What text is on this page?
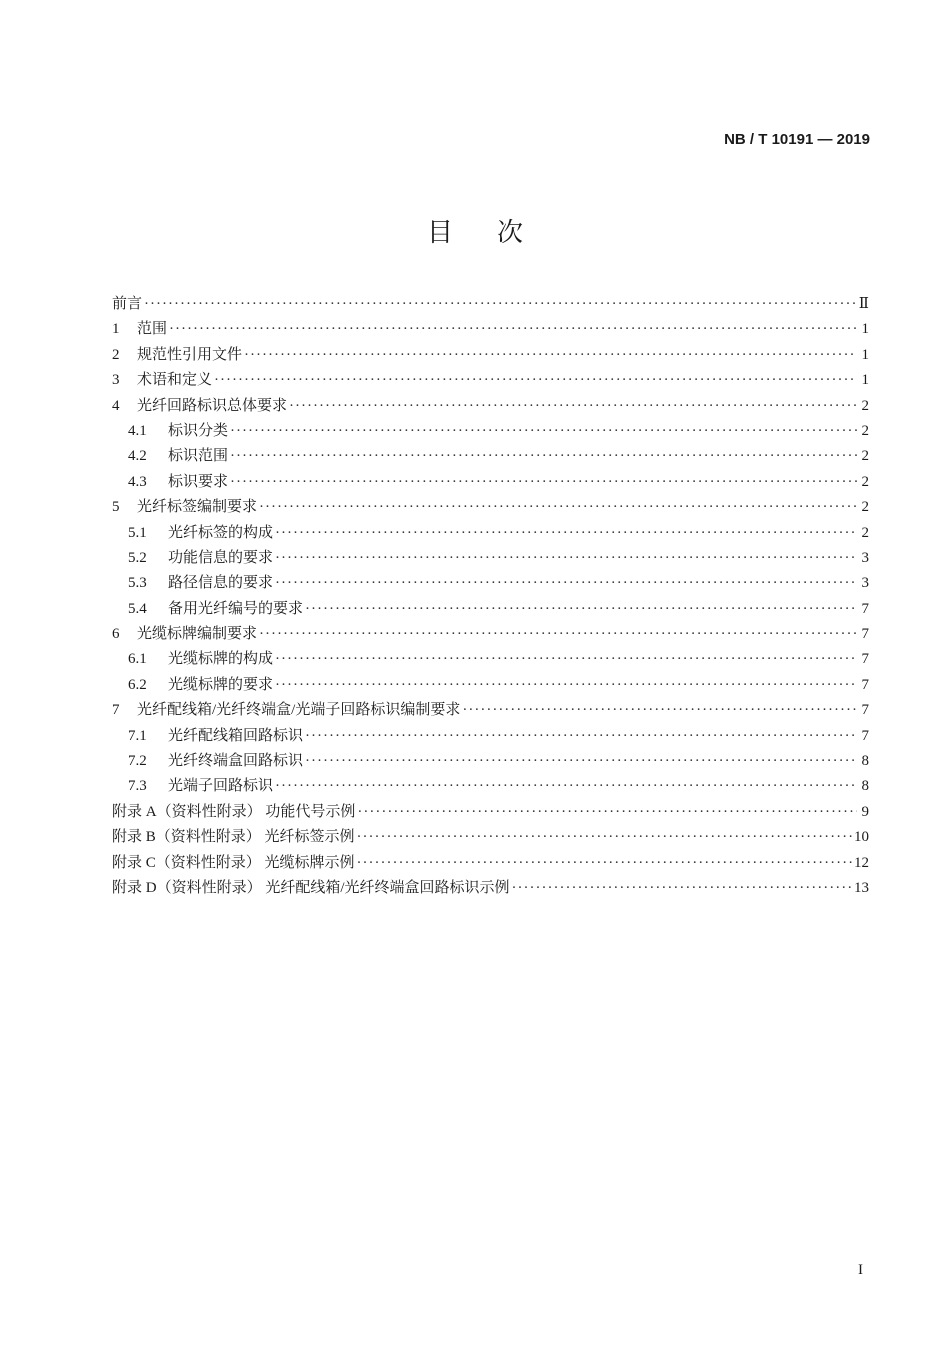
NB / T 10191 — 2019
目次
前言 ·····	Ⅱ
1	范围 ·····	1
2	规范性引用文件 ·····	1
3	术语和定义 ·····	1
4	光纤回路标识总体要求 ·····	2
4.1	标识分类 ·····	2
4.2	标识范围 ·····	2
4.3	标识要求 ·····	2
5	光纤标签编制要求 ·····	2
5.1	光纤标签的构成 ·····	2
5.2	功能信息的要求 ·····	3
5.3	路径信息的要求 ·····	3
5.4	备用光纤编号的要求 ·····	7
6	光缆标牌编制要求 ·····	7
6.1	光缆标牌的构成 ·····	7
6.2	光缆标牌的要求 ·····	7
7	光纤配线箱/光纤终端盒/光端子回路标识编制要求 ·····	7
7.1	光纤配线箱回路标识 ·····	7
7.2	光纤终端盒回路标识 ·····	8
7.3	光端子回路标识 ·····	8
附录 A（资料性附录） 功能代号示例 ·····	9
附录 B（资料性附录） 光纤标签示例 ·····	10
附录 C（资料性附录） 光缆标牌示例 ·····	12
附录 D（资料性附录） 光纤配线箱/光纤终端盒回路标识示例 ·····	13
I
